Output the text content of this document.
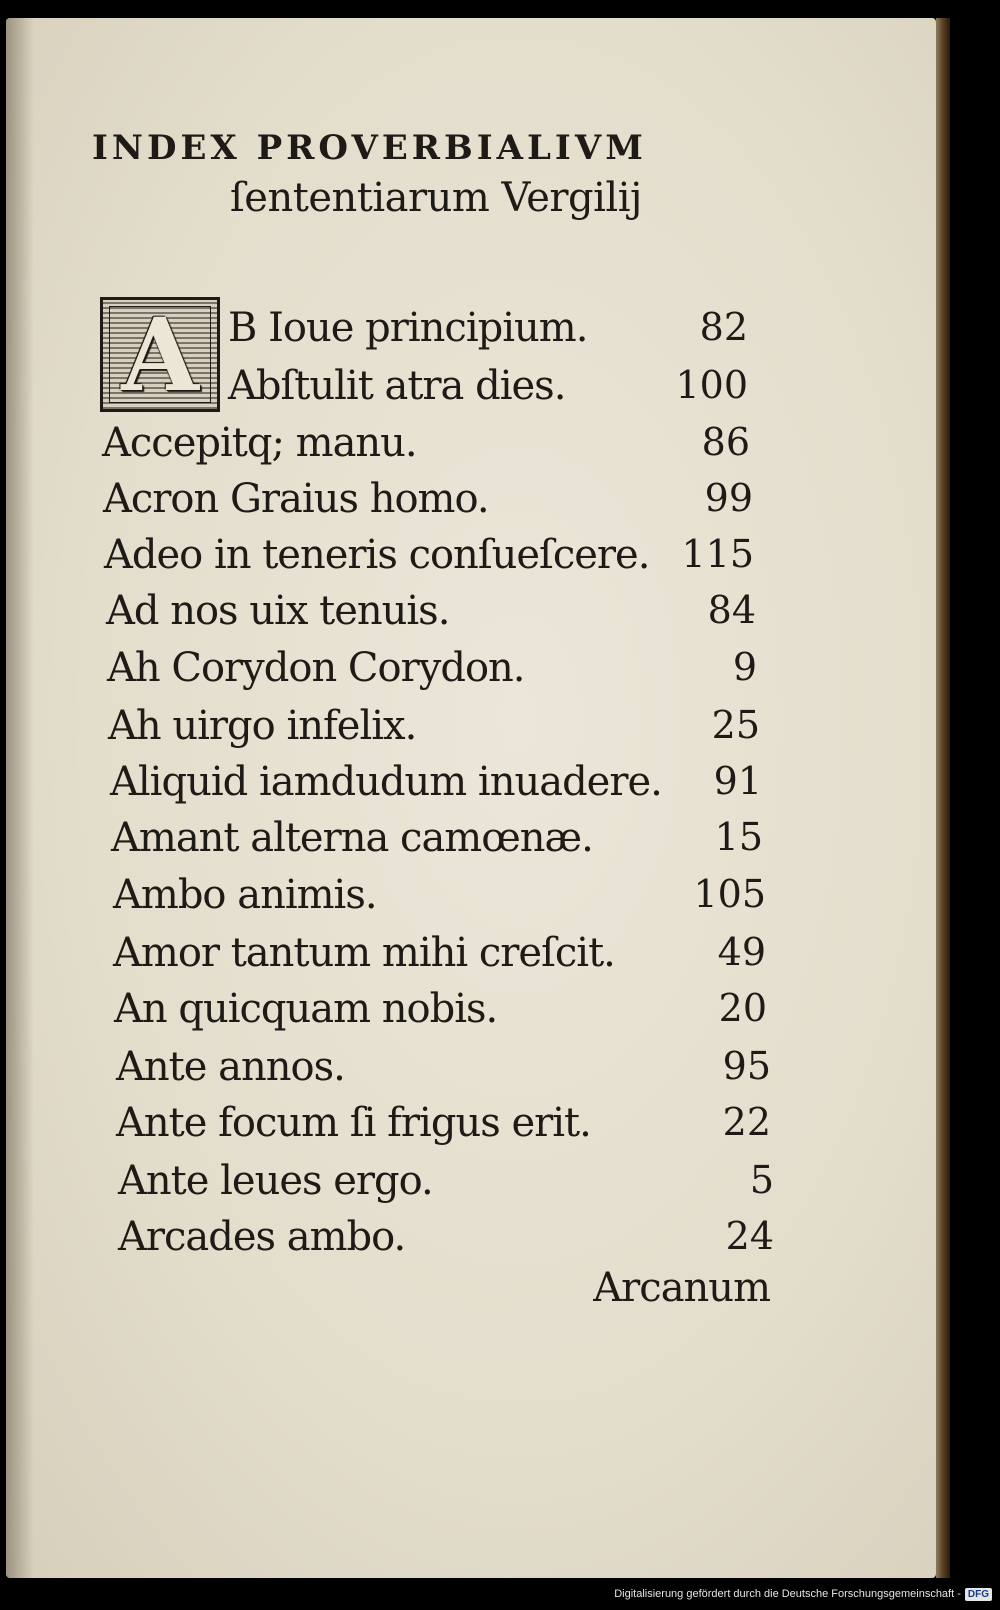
INDEX PROVERBIALIVM
ſententiarum Vergilij
A B Ioue principium.	82
Abſtulit atra dies.	100
Accepitq; manu.	86
Acron Graius homo.	99
Adeo in teneris conſueſcere. 115
Ad nos uix tenuis.	84
Ah Corydon Corydon.	9
Ah uirgo infelix.	25
Aliquid iamdudum inuadere.	91
Amant alterna camœnæ.	15
Ambo animis.	105
Amor tantum mihi creſcit.	49
An quicquam nobis.	20
Ante annos.	95
Ante focum ſi frigus erit.	22
Ante leues ergo.	5
Arcades ambo.	24
Arcanum
Digitalisierung gefördert durch die Deutsche Forschungsgemeinschaft - DFG
